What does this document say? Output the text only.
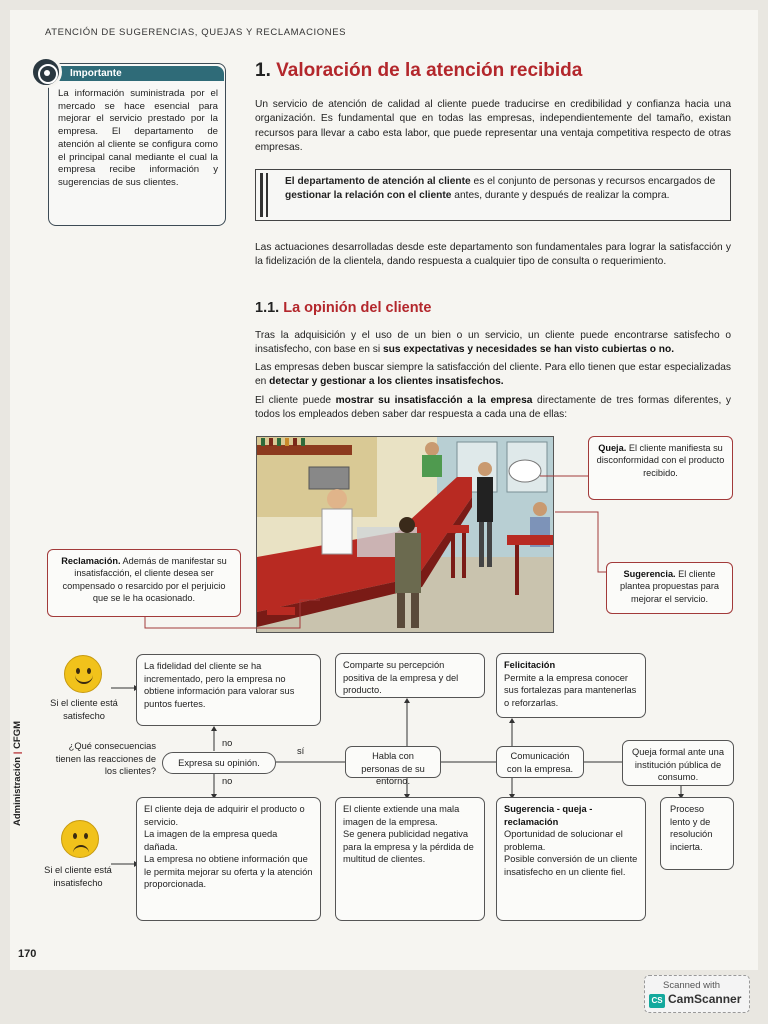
ATENCIÓN DE SUGERENCIAS, QUEJAS Y RECLAMACIONES
Importante
La información suministrada por el mercado se hace esencial para mejorar el servicio prestado por la empresa. El departamento de atención al cliente se configura como el principal canal mediante el cual la empresa recibe información y sugerencias de sus clientes.
1. Valoración de la atención recibida
Un servicio de atención de calidad al cliente puede traducirse en credibilidad y confianza hacia una organización. Es fundamental que en todas las empresas, independientemente del tamaño, existan recursos para llevar a cabo esta labor, que puede representar una ventaja competitiva respecto de otras empresas.
El departamento de atención al cliente es el conjunto de personas y recursos encargados de gestionar la relación con el cliente antes, durante y después de realizar la compra.
Las actuaciones desarrolladas desde este departamento son fundamentales para lograr la satisfacción y la fidelización de la clientela, dando respuesta a cualquier tipo de consulta o requerimiento.
1.1. La opinión del cliente
Tras la adquisición y el uso de un bien o un servicio, un cliente puede encontrarse satisfecho o insatisfecho, con base en si sus expectativas y necesidades se han visto cubiertas o no.
Las empresas deben buscar siempre la satisfacción del cliente. Para ello tienen que estar especializadas en detectar y gestionar a los clientes insatisfechos.
El cliente puede mostrar su insatisfacción a la empresa directamente de tres formas diferentes, y todos los empleados deben saber dar respuesta a cada una de ellas:
Queja. El cliente manifiesta su disconformidad con el producto recibido.
Sugerencia. El cliente plantea propuestas para mejorar el servicio.
Reclamación. Además de manifestar su insatisfacción, el cliente desea ser compensado o resarcido por el perjuicio que se le ha ocasionado.
Si el cliente está satisfecho
Si el cliente está insatisfecho
¿Qué consecuencias tienen las reacciones de los clientes?
La fidelidad del cliente se ha incrementado, pero la empresa no obtiene información para valorar sus puntos fuertes.
El cliente deja de adquirir el producto o servicio.
La imagen de la empresa queda dañada.
La empresa no obtiene información que le permita mejorar su oferta y la atención proporcionada.
Expresa su opinión.
no
no
sí	Habla con personas de su entorno.
Comparte su percepción positiva de la empresa y del producto.
El cliente extiende una mala imagen de la empresa.
Se genera publicidad negativa para la empresa y la pérdida de multitud de clientes.
Comunicación con la empresa.
Felicitación
Permite a la empresa conocer sus fortalezas para mantenerlas o reforzarlas.
Sugerencia - queja - reclamación
Oportunidad de solucionar el problema.
Posible conversión de un cliente insatisfecho en un cliente fiel.
Queja formal ante una institución pública de consumo.
Proceso lento y de resolución incierta.
Administración | CFGM
170
Scanned with
CS CamScanner
